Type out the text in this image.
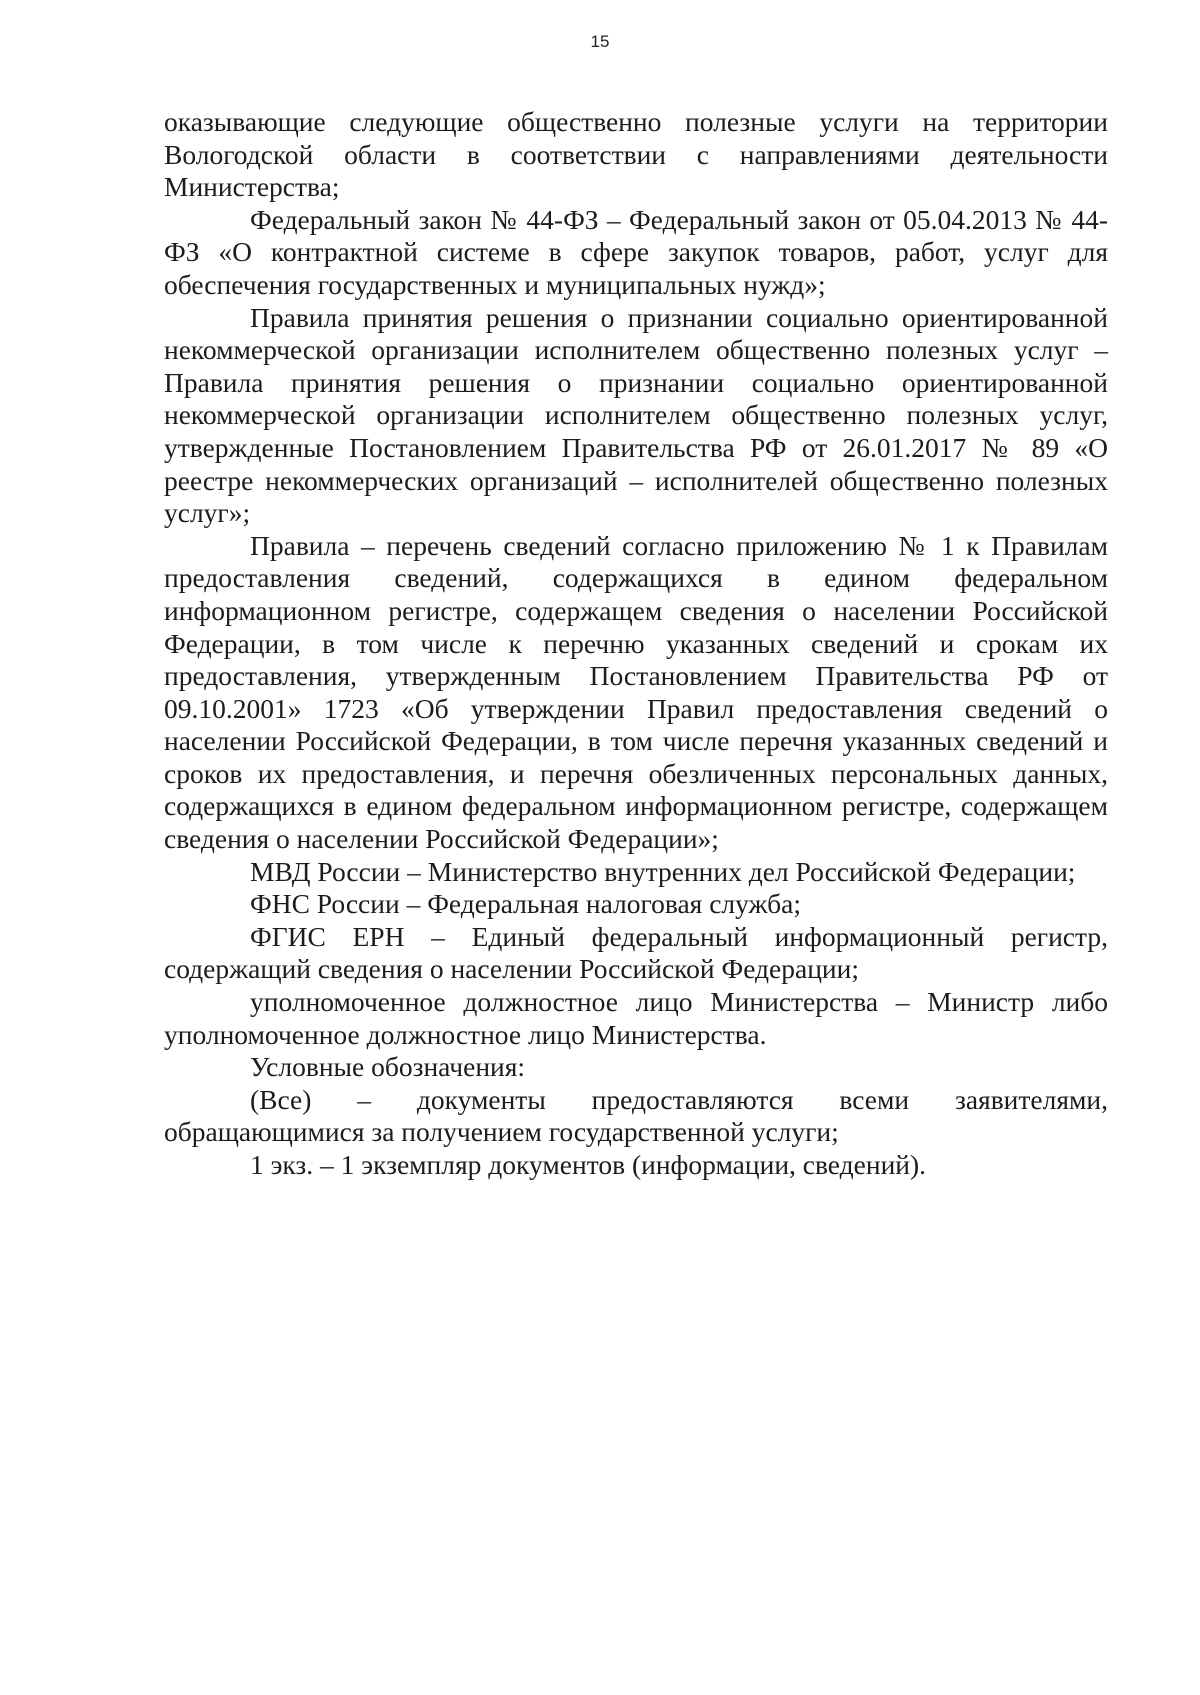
15

оказывающие следующие общественно полезные услуги на территории Вологодской области в соответствии с направлениями деятельности Министерства;

Федеральный закон № 44-ФЗ – Федеральный закон от 05.04.2013 № 44-ФЗ «О контрактной системе в сфере закупок товаров, работ, услуг для обеспечения государственных и муниципальных нужд»;

Правила принятия решения о признании социально ориентированной некоммерческой организации исполнителем общественно полезных услуг – Правила принятия решения о признании социально ориентированной некоммерческой организации исполнителем общественно полезных услуг, утвержденные Постановлением Правительства РФ от 26.01.2017 № 89 «О реестре некоммерческих организаций – исполнителей общественно полезных услуг»;

Правила – перечень сведений согласно приложению № 1 к Правилам предоставления сведений, содержащихся в едином федеральном информационном регистре, содержащем сведения о населении Российской Федерации, в том числе к перечню указанных сведений и срокам их предоставления, утвержденным Постановлением Правительства РФ от 09.10.2001» 1723 «Об утверждении Правил предоставления сведений о населении Российской Федерации, в том числе перечня указанных сведений и сроков их предоставления, и перечня обезличенных персональных данных, содержащихся в едином федеральном информационном регистре, содержащем сведения о населении Российской Федерации»;

МВД России – Министерство внутренних дел Российской Федерации;

ФНС России – Федеральная налоговая служба;

ФГИС ЕРН – Единый федеральный информационный регистр, содержащий сведения о населении Российской Федерации;

уполномоченное должностное лицо Министерства – Министр либо уполномоченное должностное лицо Министерства.

Условные обозначения:

(Все) – документы предоставляются всеми заявителями, обращающимися за получением государственной услуги;

1 экз. – 1 экземпляр документов (информации, сведений).
